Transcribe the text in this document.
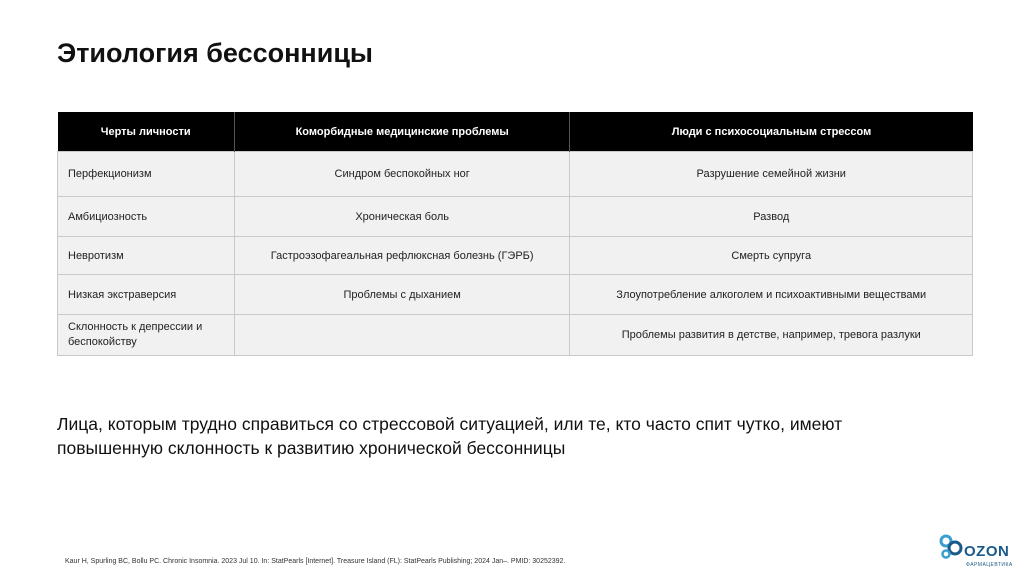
Этиология бессонницы
Черты личности	Коморбидные медицинские проблемы	Люди с психосоциальным стрессом
Перфекционизм	Синдром беспокойных ног	Разрушение семейной жизни
Амбициозность	Хроническая боль	Развод
Невротизм	Гастроэзофагеальная рефлюксная болезнь (ГЭРБ)	Смерть супруга
Низкая экстраверсия	Проблемы с дыханием	Злоупотребление алкоголем и психоактивными веществами
Склонность к депрессии и беспокойству		Проблемы развития в детстве, например, тревога разлуки
Лица, которым трудно справиться со стрессовой ситуацией, или те, кто часто спит чутко, имеют повышенную склонность к развитию хронической бессонницы
Kaur H, Spurling BC, Bollu PC. Chronic Insomnia. 2023 Jul 10. In: StatPearls [Internet]. Treasure Island (FL): StatPearls Publishing; 2024 Jan–. PMID: 30252392.
OZON
ФАРМАЦЕВТИКА
